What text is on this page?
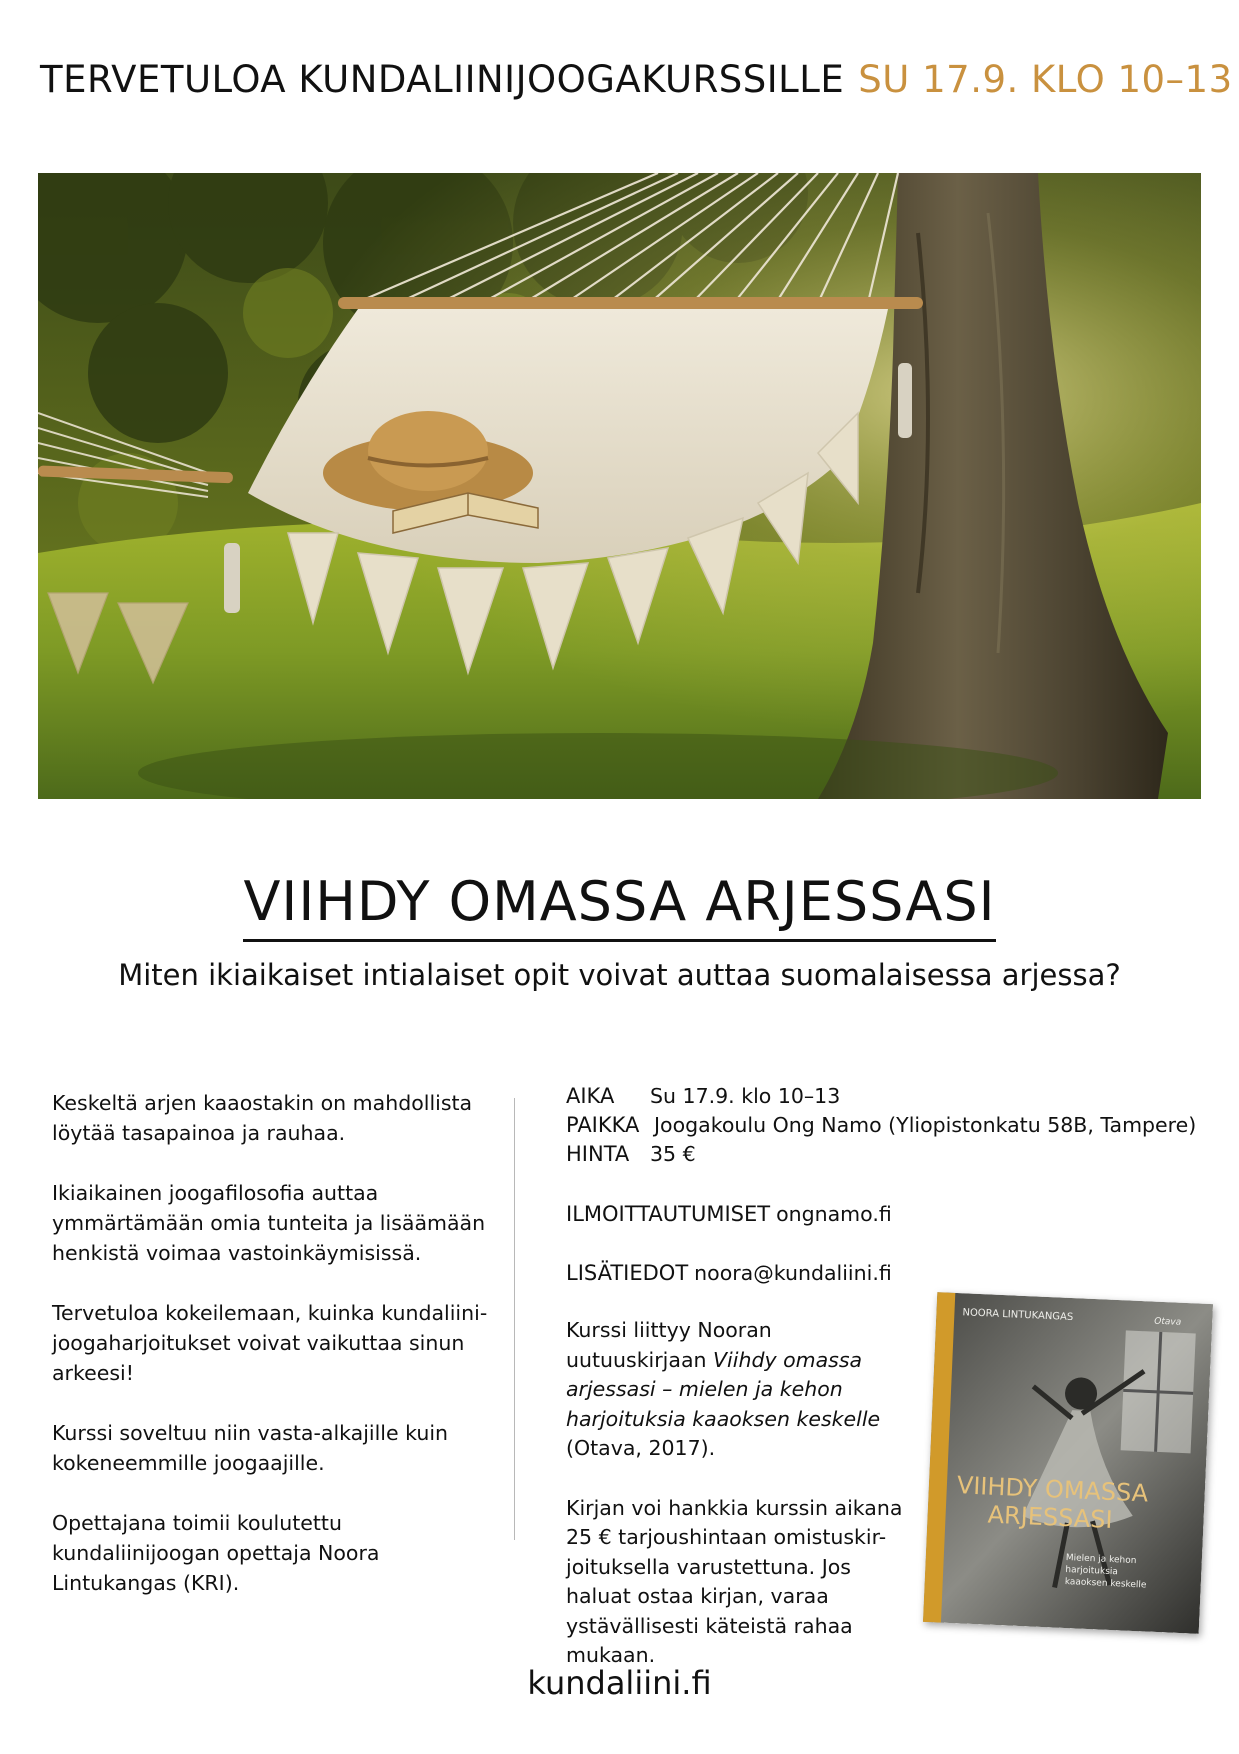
TERVETULOA KUNDALIINIJOOGAKURSSILLE SU 17.9. KLO 10–13
VIIHDY OMASSA ARJESSASI
Miten ikiaikaiset intialaiset opit voivat auttaa suomalaisessa arjessa?

Keskeltä arjen kaaostakin on mahdollista löytää tasapainoa ja rauhaa.

Ikiaikainen joogafilosofia auttaa ymmärtämään omia tunteita ja lisäämään henkistä voimaa vastoinkäymisissä.

Tervetuloa kokeilemaan, kuinka kundaliini-joogaharjoitukset voivat vaikuttaa sinun arkeesi!

Kurssi soveltuu niin vasta-alkajille kuin kokeneemmille joogaajille.

Opettajana toimii koulutettu kundaliinijoogan opettaja Noora Lintukangas (KRI).

AIKA Su 17.9. klo 10–13
PAIKKA Joogakoulu Ong Namo (Yliopistonkatu 58B, Tampere)
HINTA 35 €
ILMOITTAUTUMISET ongnamo.fi
LISÄTIEDOT noora@kundaliini.fi

Kurssi liittyy Nooran uutuuskirjaan Viihdy omassa arjessasi – mielen ja kehon harjoituksia kaaoksen keskelle (Otava, 2017).

Kirjan voi hankkia kurssin aikana 25 € tarjoushintaan omistuskir-joituksella varustettuna. Jos haluat ostaa kirjan, varaa ystävällisesti käteistä rahaa mukaan.

NOORA LINTUKANGAS	Otava
VIIHDY OMASSA
ARJESSASI
Mielen ja kehon
harjoituksia
kaaoksen keskelle
kundaliini.fi
